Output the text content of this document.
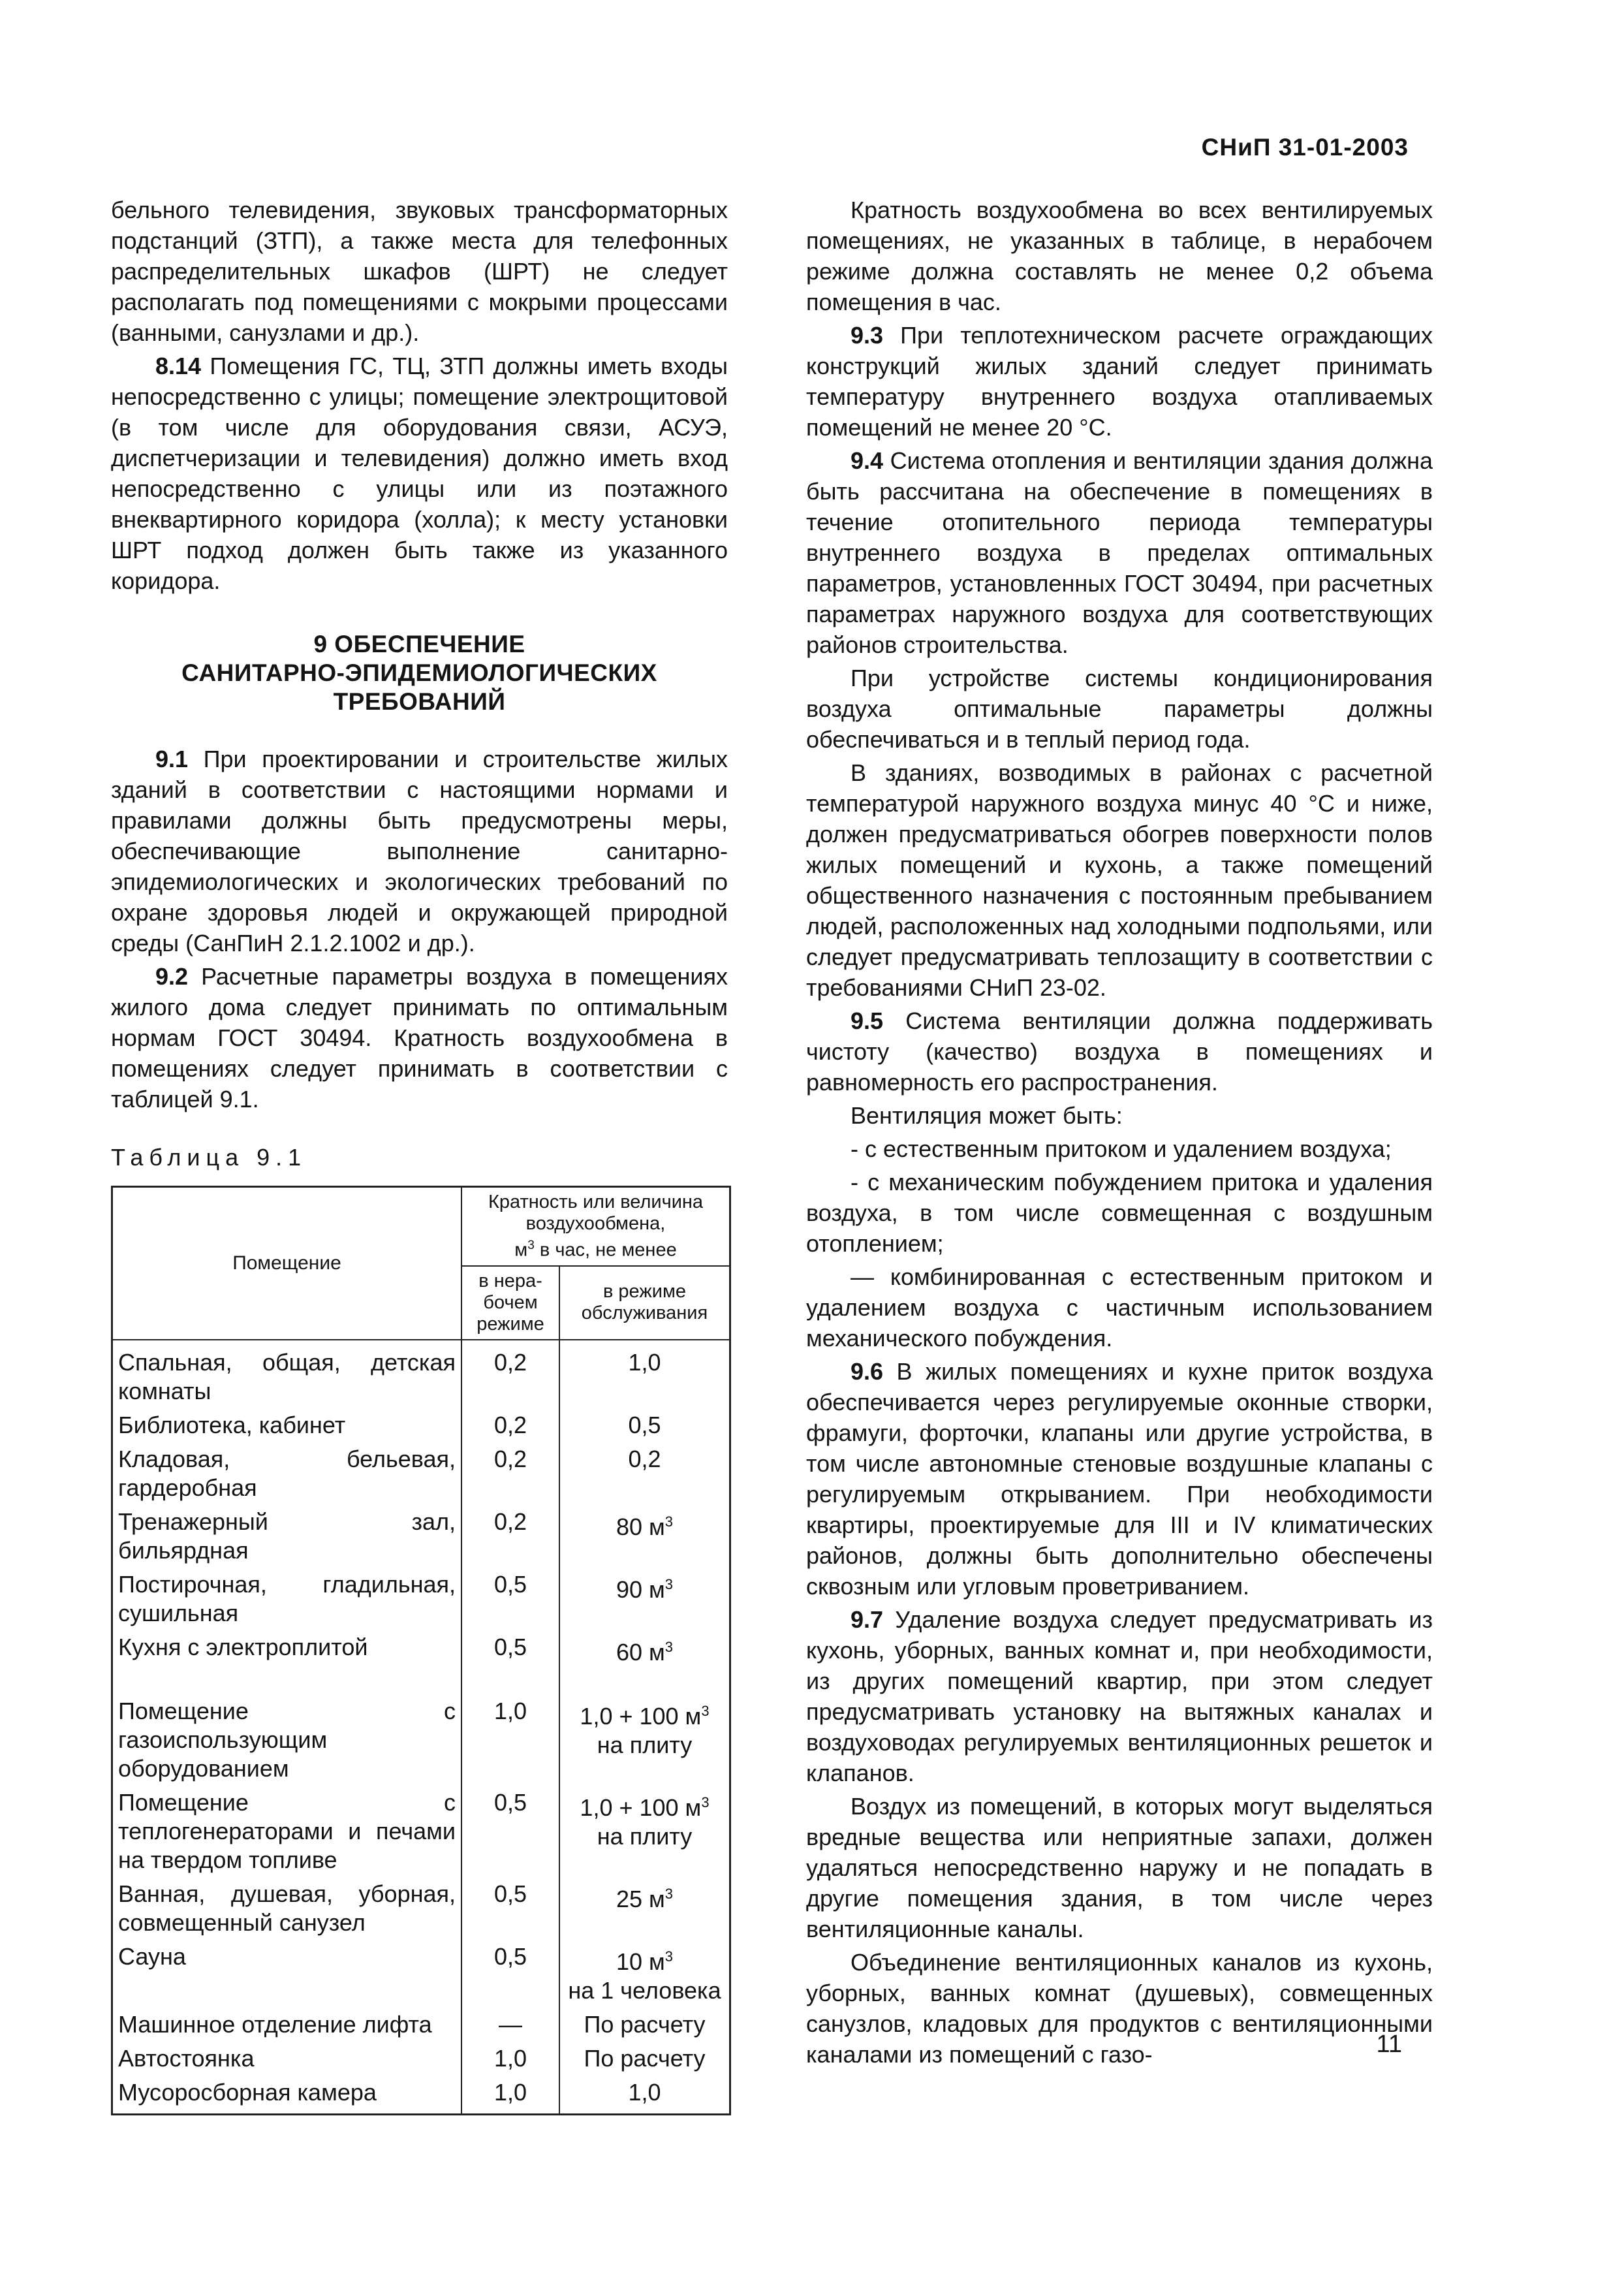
СНиП 31-01-2003

бельного телевидения, звуковых трансформаторных подстанций (ЗТП), а также места для телефонных распределительных шкафов (ШРТ) не следует располагать под помещениями с мокрыми процессами (ванными, санузлами и др.).

8.14 Помещения ГС, ТЦ, ЗТП должны иметь входы непосредственно с улицы; помещение электрощитовой (в том числе для оборудования связи, АСУЭ, диспетчеризации и телевидения) должно иметь вход непосредственно с улицы или из поэтажного внеквартирного коридора (холла); к месту установки ШРТ подход должен быть также из указанного коридора.

9 ОБЕСПЕЧЕНИЕ
САНИТАРНО-ЭПИДЕМИОЛОГИЧЕСКИХ
ТРЕБОВАНИЙ

9.1 При проектировании и строительстве жилых зданий в соответствии с настоящими нормами и правилами должны быть предусмотрены меры, обеспечивающие выполнение санитарно-эпидемиологических и экологических требований по охране здоровья людей и окружающей природной среды (СанПиН 2.1.2.1002 и др.).

9.2 Расчетные параметры воздуха в помещениях жилого дома следует принимать по оптимальным нормам ГОСТ 30494. Кратность воздухообмена в помещениях следует принимать в соответствии с таблицей 9.1.

Таблица 9.1
Помещение	Кратность или величина
воздухообмена,
$м^3$ в час, не менее	
	в нера-
бочем
режиме	в режиме
обслуживания
Спальная, общая, детская комнаты	0,2	1,0
Библиотека, кабинет	0,2	0,5
Кладовая, бельевая, гардеробная	0,2	0,2
Тренажерный зал, бильярдная	0,2	80 $м^3$
Постирочная, гладильная, сушильная	0,5	90 $м^3$
Кухня с электроплитой	0,5	60 $м^3$
Помещение с газоиспользующим оборудованием	1,0	1,0 + 100 $м^3$
на плиту
Помещение с теплогенераторами и печами на твердом топливе	0,5	1,0 + 100 $м^3$
на плиту
Ванная, душевая, уборная, совмещенный санузел	0,5	25 $м^3$
Сауна	0,5	10 $м^3$
на 1 человека
Машинное отделение лифта	—	По расчету
Автостоянка	1,0	По расчету
Мусоросборная камера	1,0	1,0

Кратность воздухообмена во всех вентилируемых помещениях, не указанных в таблице, в нерабочем режиме должна составлять не менее 0,2 объема помещения в час.

9.3 При теплотехническом расчете ограждающих конструкций жилых зданий следует принимать температуру внутреннего воздуха отапливаемых помещений не менее 20 °С.

9.4 Система отопления и вентиляции здания должна быть рассчитана на обеспечение в помещениях в течение отопительного периода температуры внутреннего воздуха в пределах оптимальных параметров, установленных ГОСТ 30494, при расчетных параметрах наружного воздуха для соответствующих районов строительства.

При устройстве системы кондиционирования воздуха оптимальные параметры должны обеспечиваться и в теплый период года.

В зданиях, возводимых в районах с расчетной температурой наружного воздуха минус 40 °С и ниже, должен предусматриваться обогрев поверхности полов жилых помещений и кухонь, а также помещений общественного назначения с постоянным пребыванием людей, расположенных над холодными подпольями, или следует предусматривать теплозащиту в соответствии с требованиями СНиП 23-02.

9.5 Система вентиляции должна поддерживать чистоту (качество) воздуха в помещениях и равномерность его распространения.

Вентиляция может быть:

- с естественным притоком и удалением воздуха;

- с механическим побуждением притока и удаления воздуха, в том числе совмещенная с воздушным отоплением;

— комбинированная с естественным притоком и удалением воздуха с частичным использованием механического побуждения.

9.6 В жилых помещениях и кухне приток воздуха обеспечивается через регулируемые оконные створки, фрамуги, форточки, клапаны или другие устройства, в том числе автономные стеновые воздушные клапаны с регулируемым открыванием. При необходимости квартиры, проектируемые для III и IV климатических районов, должны быть дополнительно обеспечены сквозным или угловым проветриванием.

9.7 Удаление воздуха следует предусматривать из кухонь, уборных, ванных комнат и, при необходимости, из других помещений квартир, при этом следует предусматривать установку на вытяжных каналах и воздуховодах регулируемых вентиляционных решеток и клапанов.

Воздух из помещений, в которых могут выделяться вредные вещества или неприятные запахи, должен удаляться непосредственно наружу и не попадать в другие помещения здания, в том числе через вентиляционные каналы.

Объединение вентиляционных каналов из кухонь, уборных, ванных комнат (душевых), совмещенных санузлов, кладовых для продуктов с вентиляционными каналами из помещений с газо-	11
